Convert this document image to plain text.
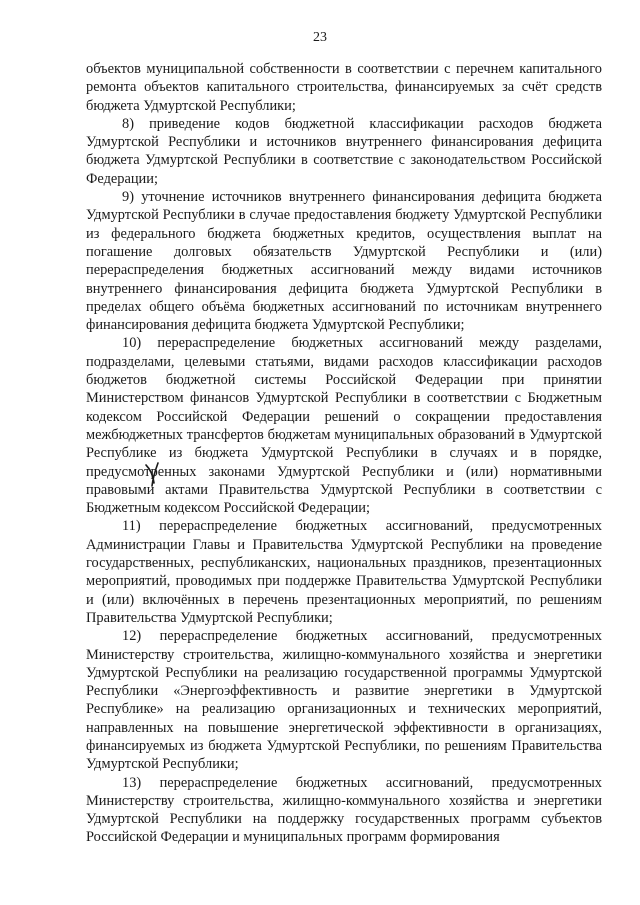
23

объектов муниципальной собственности в соответствии с перечнем капитального ремонта объектов капитального строительства, финансируемых за счёт средств бюджета Удмуртской Республики;

8) приведение кодов бюджетной классификации расходов бюджета Удмуртской Республики и источников внутреннего финансирования дефицита бюджета Удмуртской Республики в соответствие с законодательством Российской Федерации;

9) уточнение источников внутреннего финансирования дефицита бюджета Удмуртской Республики в случае предоставления бюджету Удмуртской Республики из федерального бюджета бюджетных кредитов, осуществления выплат на погашение долговых обязательств Удмуртской Республики и (или) перераспределения бюджетных ассигнований между видами источников внутреннего финансирования дефицита бюджета Удмуртской Республики в пределах общего объёма бюджетных ассигнований по источникам внутреннего финансирования дефицита бюджета Удмуртской Республики;

10) перераспределение бюджетных ассигнований между разделами, подразделами, целевыми статьями, видами расходов классификации расходов бюджетов бюджетной системы Российской Федерации при принятии Министерством финансов Удмуртской Республики в соответствии с Бюджетным кодексом Российской Федерации решений о сокращении предоставления межбюджетных трансфертов бюджетам муниципальных образований в Удмуртской Республике из бюджета Удмуртской Республики в случаях и в порядке, предусмотренных законами Удмуртской Республики и (или) нормативными правовыми актами Правительства Удмуртской Республики в соответствии с Бюджетным кодексом Российской Федерации;

11) перераспределение бюджетных ассигнований, предусмотренных Администрации Главы и Правительства Удмуртской Республики на проведение государственных, республиканских, национальных праздников, презентационных мероприятий, проводимых при поддержке Правительства Удмуртской Республики и (или) включённых в перечень презентационных мероприятий, по решениям Правительства Удмуртской Республики;

12) перераспределение бюджетных ассигнований, предусмотренных Министерству строительства, жилищно-коммунального хозяйства и энергетики Удмуртской Республики на реализацию государственной программы Удмуртской Республики «Энергоэффективность и развитие энергетики в Удмуртской Республике» на реализацию организационных и технических мероприятий, направленных на повышение энергетической эффективности в организациях, финансируемых из бюджета Удмуртской Республики, по решениям Правительства Удмуртской Республики;

13) перераспределение бюджетных ассигнований, предусмотренных Министерству строительства, жилищно-коммунального хозяйства и энергетики Удмуртской Республики на поддержку государственных программ субъектов Российской Федерации и муниципальных программ формирования
